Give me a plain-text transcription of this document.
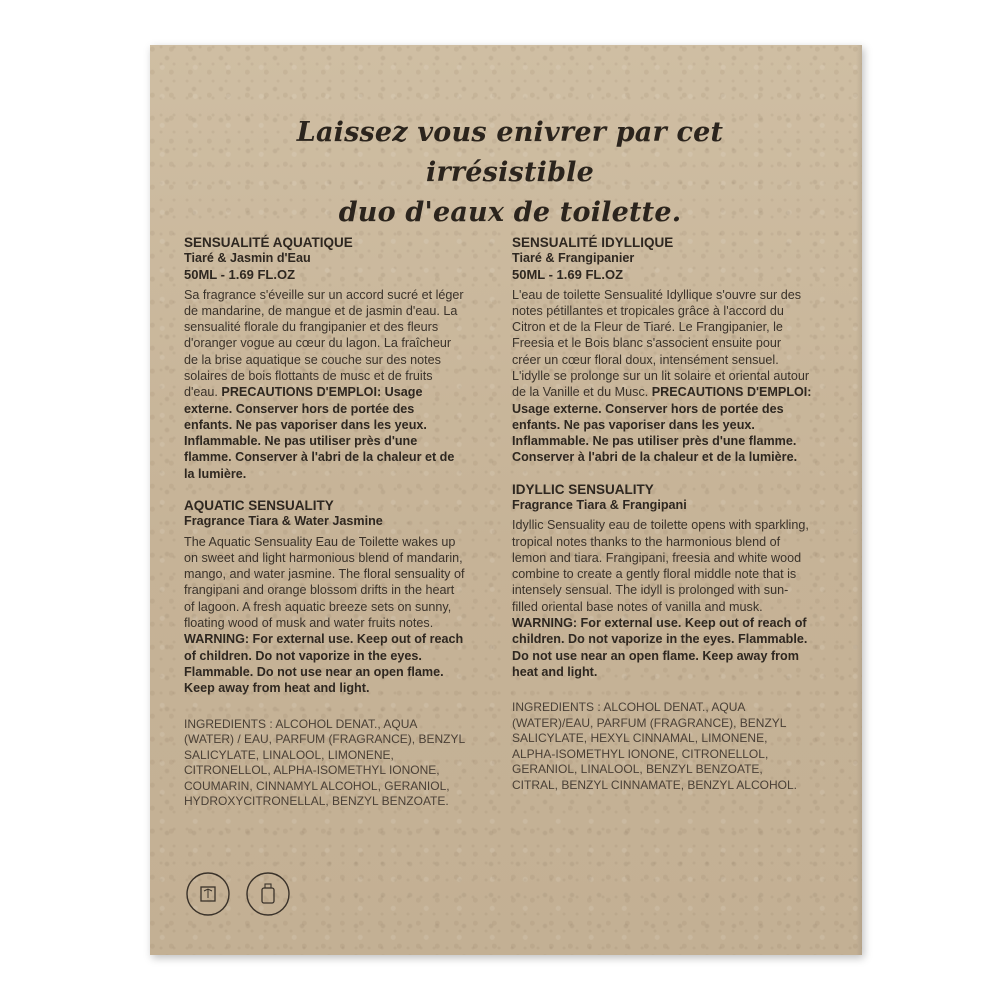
Laissez vous enivrer par cet irrésistible
duo d'eaux de toilette.
SENSUALITÉ AQUATIQUE
Tiaré & Jasmin d'Eau
50ML - 1.69 FL.OZ
Sa fragrance s'éveille sur un accord sucré et léger de mandarine, de mangue et de jasmin d'eau. La sensualité florale du frangipanier et des fleurs d'oranger vogue au cœur du lagon. La fraîcheur de la brise aquatique se couche sur des notes solaires de bois flottants de musc et de fruits d'eau. PRECAUTIONS D'EMPLOI: Usage externe. Conserver hors de portée des enfants. Ne pas vaporiser dans les yeux. Inflammable. Ne pas utiliser près d'une flamme. Conserver à l'abri de la chaleur et de la lumière.
AQUATIC SENSUALITY
Fragrance Tiara & Water Jasmine
The Aquatic Sensuality Eau de Toilette wakes up on sweet and light harmonious blend of mandarin, mango, and water jasmine. The floral sensuality of frangipani and orange blossom drifts in the heart of lagoon. A fresh aquatic breeze sets on sunny, floating wood of musk and water fruits notes. WARNING: For external use. Keep out of reach of children. Do not vaporize in the eyes. Flammable. Do not use near an open flame. Keep away from heat and light.
INGREDIENTS : ALCOHOL DENAT., AQUA (WATER) / EAU, PARFUM (FRAGRANCE), BENZYL SALICYLATE, LINALOOL, LIMONENE, CITRONELLOL, ALPHA-ISOMETHYL IONONE, COUMARIN, CINNAMYL ALCOHOL, GERANIOL, HYDROXYCITRONELLAL, BENZYL BENZOATE.
SENSUALITÉ IDYLLIQUE
Tiaré & Frangipanier
50ML - 1.69 FL.OZ
L'eau de toilette Sensualité Idyllique s'ouvre sur des notes pétillantes et tropicales grâce à l'accord du Citron et de la Fleur de Tiaré. Le Frangipanier, le Freesia et le Bois blanc s'associent ensuite pour créer un cœur floral doux, intensément sensuel. L'idylle se prolonge sur un lit solaire et oriental autour de la Vanille et du Musc. PRECAUTIONS D'EMPLOI: Usage externe. Conserver hors de portée des enfants. Ne pas vaporiser dans les yeux. Inflammable. Ne pas utiliser près d'une flamme. Conserver à l'abri de la chaleur et de la lumière.
IDYLLIC SENSUALITY
Fragrance Tiara & Frangipani
Idyllic Sensuality eau de toilette opens with sparkling, tropical notes thanks to the harmonious blend of lemon and tiara. Frangipani, freesia and white wood combine to create a gently floral middle note that is intensely sensual. The idyll is prolonged with sun-filled oriental base notes of vanilla and musk. WARNING: For external use. Keep out of reach of children. Do not vaporize in the eyes. Flammable. Do not use near an open flame. Keep away from heat and light.
INGREDIENTS : ALCOHOL DENAT., AQUA (WATER)/EAU, PARFUM (FRAGRANCE), BENZYL SALICYLATE, HEXYL CINNAMAL, LIMONENE, ALPHA-ISOMETHYL IONONE, CITRONELLOL, GERANIOL, LINALOOL, BENZYL BENZOATE, CITRAL, BENZYL CINNAMATE, BENZYL ALCOHOL.
